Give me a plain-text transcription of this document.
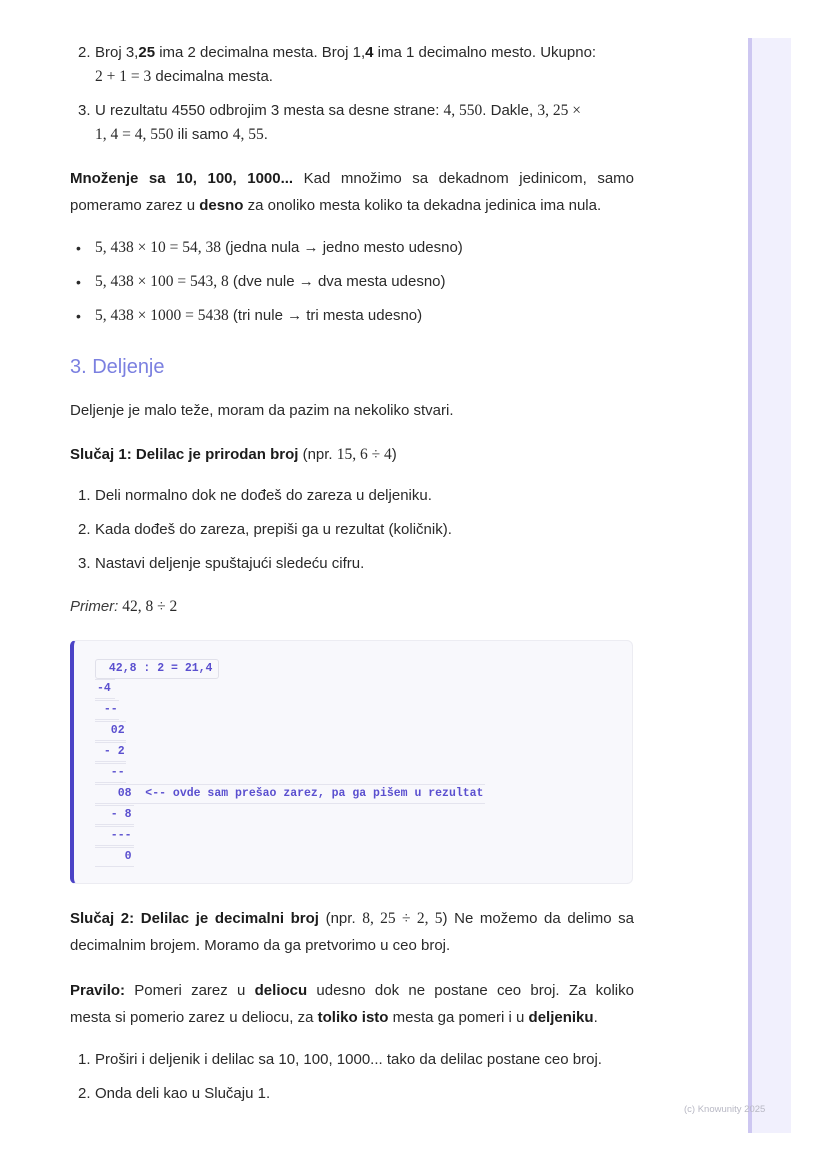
2. Broj 3,25 ima 2 decimalna mesta. Broj 1,4 ima 1 decimalno mesto. Ukupno:
2 + 1 = 3 decimalna mesta.
3. U rezultatu 4550 odbrojim 3 mesta sa desne strane: 4, 550. Dakle, 3, 25 ×
1, 4 = 4, 550 ili samo 4, 55.
Množenje sa 10, 100, 1000... Kad množimo sa dekadnom jedinicom, samo
pomeramo zarez u desno za onoliko mesta koliko ta dekadna jedinica ima nula.
• 5, 438 × 10 = 54, 38 (jedna nula → jedno mesto udesno)
• 5, 438 × 100 = 543, 8 (dve nule → dva mesta udesno)
• 5, 438 × 1000 = 5438 (tri nule → tri mesta udesno)
3. Deljenje

Deljenje je malo teže, moram da pazim na nekoliko stvari.

Slučaj 1: Delilac je prirodan broj (npr. 15, 6 ÷ 4)

1. Deli normalno dok ne dođeš do zareza u deljeniku.
2. Kada dođeš do zareza, prepiši ga u rezultat (količnik).
3. Nastavi deljenje spuštajući sledeću cifru.

Primer: 42, 8 ÷ 2

42,8 : 2 = 21,4
-4
--
02
- 2
--
08  <-- ovde sam prešao zarez, pa ga pišem u rezultat
- 8
---
0
Slučaj 2: Delilac je decimalni broj (npr. 8, 25 ÷ 2, 5) Ne možemo da delimo sa
decimalnim brojem. Moramo da ga pretvorimo u ceo broj.
Pravilo: Pomeri zarez u deliocu udesno dok ne postane ceo broj. Za koliko
mesta si pomerio zarez u deliocu, za toliko isto mesta ga pomeri i u deljeniku.
1. Proširi i deljenik i delilac sa 10, 100, 1000... tako da delilac postane ceo broj.
2. Onda deli kao u Slučaju 1.
(c) Knowunity 2025
